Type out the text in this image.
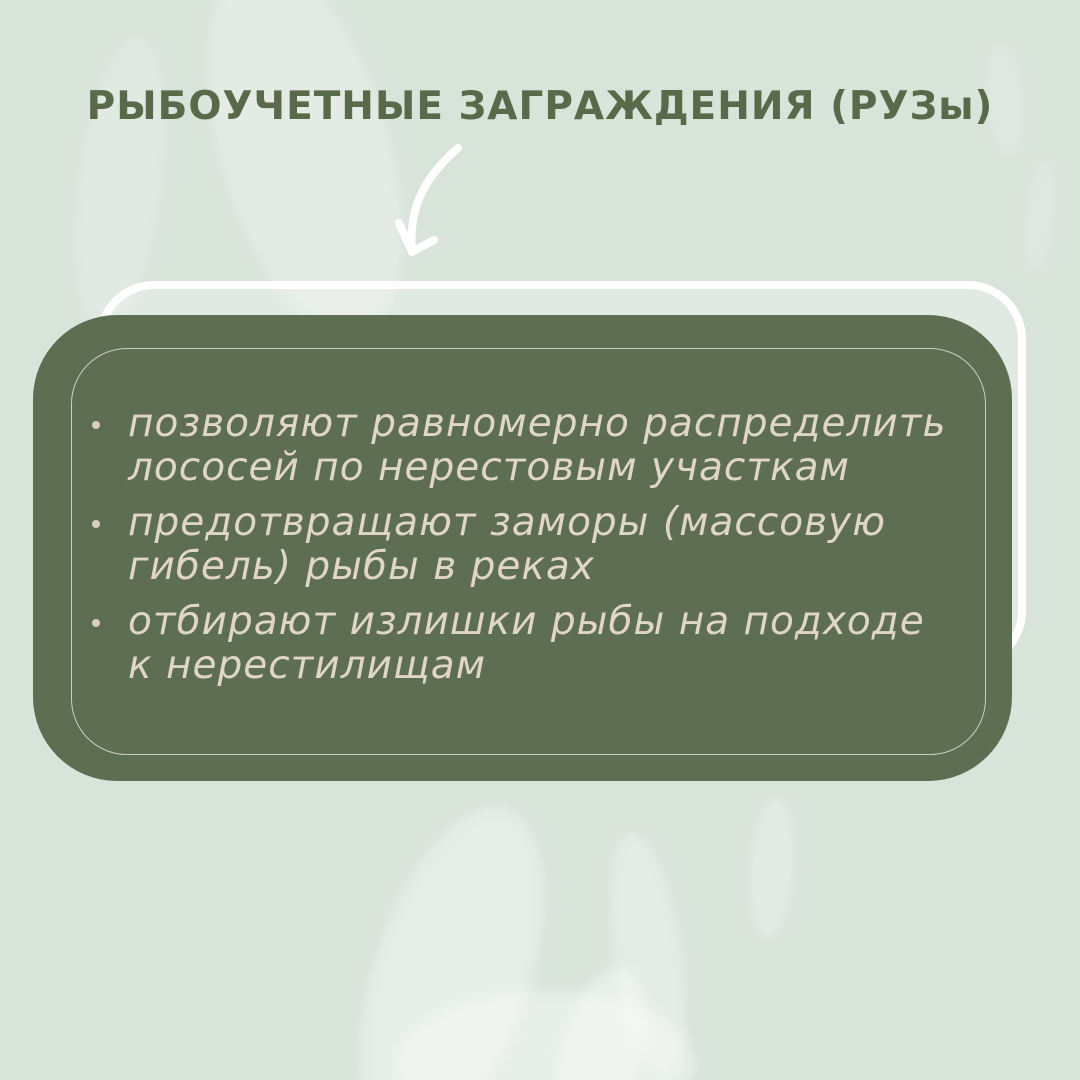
РЫБОУЧЕТНЫЕ ЗАГРАЖДЕНИЯ (РУЗы)
позволяют равномерно распределить
лососей по нерестовым участкам
предотвращают заморы (массовую
гибель) рыбы в реках
отбирают излишки рыбы на подходе
к нерестилищам
